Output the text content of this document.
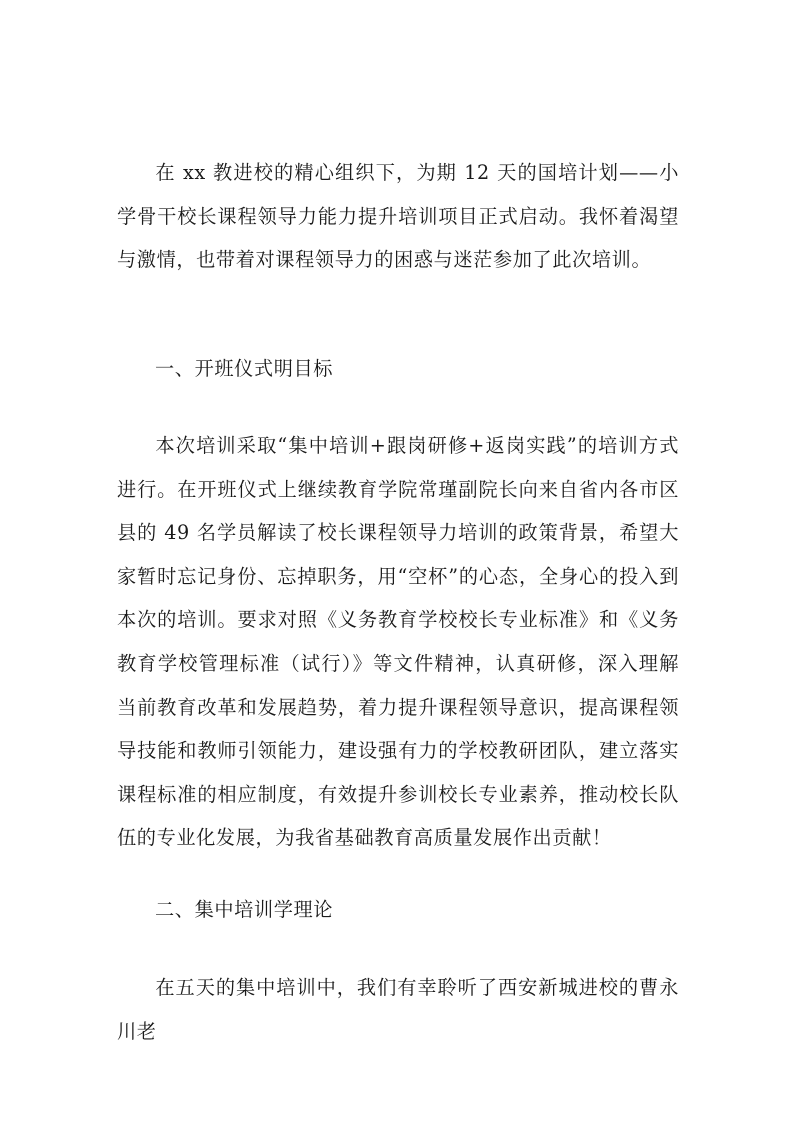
在 xx 教进校的精心组织下，为期 12 天的国培计划——小学骨干校长课程领导力能力提升培训项目正式启动。我怀着渴望与激情，也带着对课程领导力的困惑与迷茫参加了此次培训。

一、开班仪式明目标

本次培训采取“集中培训+跟岗研修+返岗实践”的培训方式进行。在开班仪式上继续教育学院常瑾副院长向来自省内各市区县的 49 名学员解读了校长课程领导力培训的政策背景，希望大家暂时忘记身份、忘掉职务，用“空杯”的心态，全身心的投入到本次的培训。要求对照《义务教育学校校长专业标准》和《义务教育学校管理标准（试行）》等文件精神，认真研修，深入理解当前教育改革和发展趋势，着力提升课程领导意识，提高课程领导技能和教师引领能力，建设强有力的学校教研团队，建立落实课程标准的相应制度，有效提升参训校长专业素养，推动校长队伍的专业化发展，为我省基础教育高质量发展作出贡献！

二、集中培训学理论

在五天的集中培训中，我们有幸聆听了西安新城进校的曹永川老
